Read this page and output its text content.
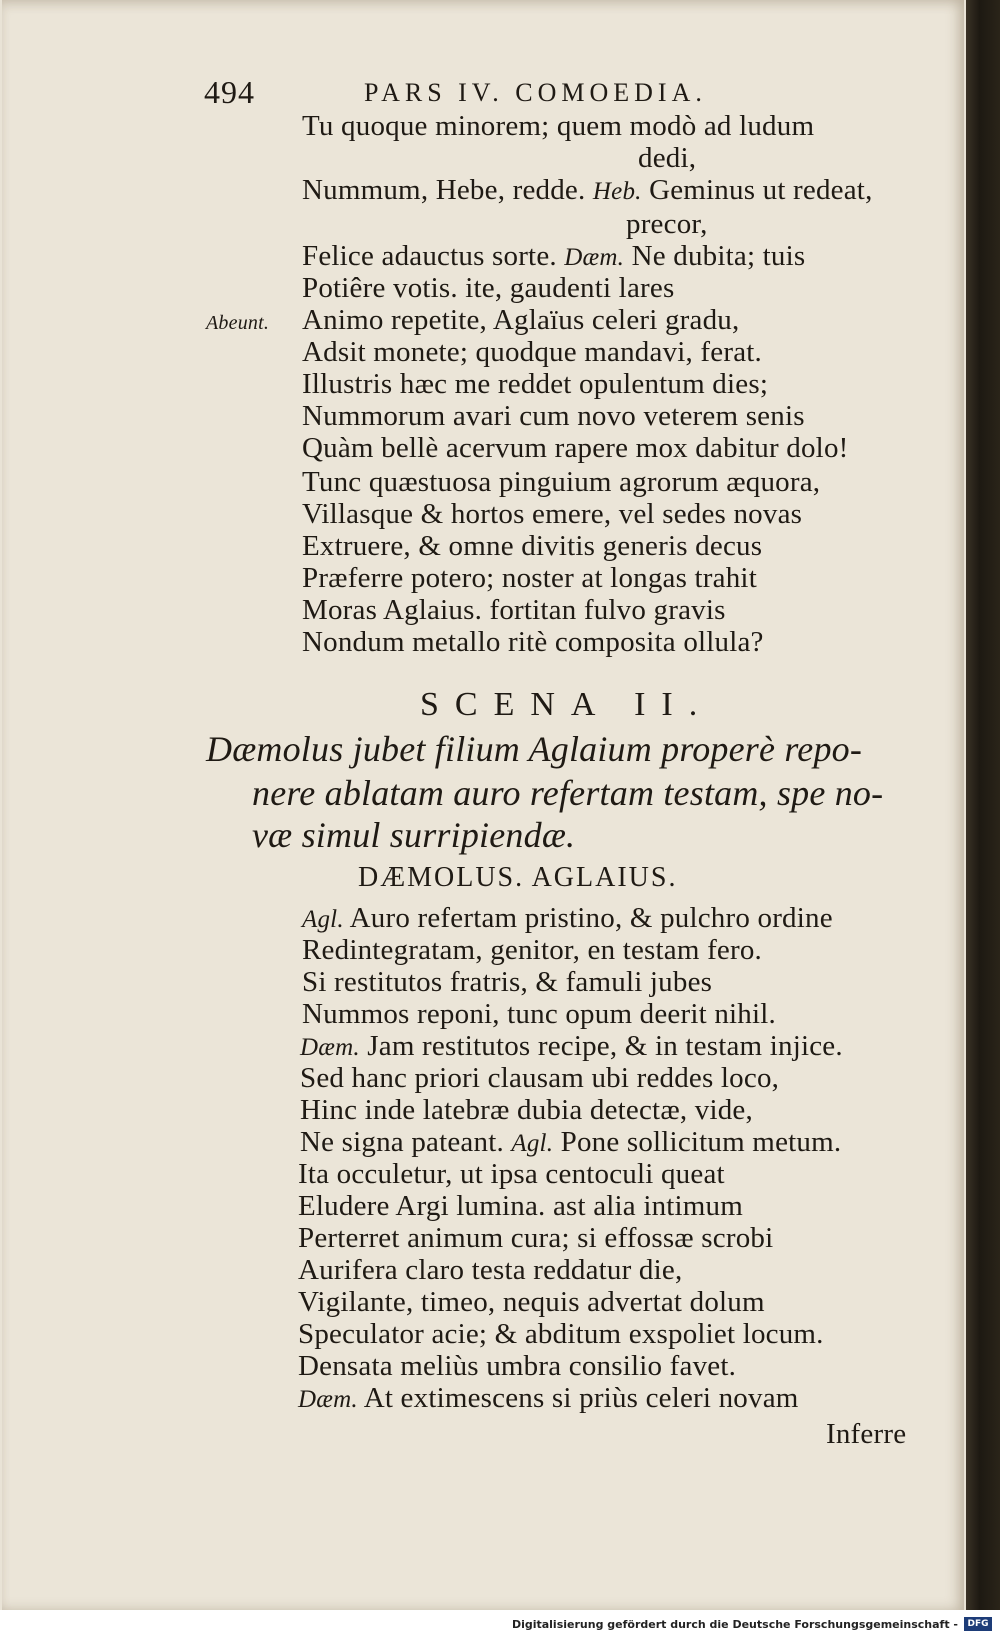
494	PARS IV. COMOEDIA.
Abeunt.
Tu quoque minorem; quem modò ad ludum
dedi,
Nummum, Hebe, redde. Heb. Geminus ut redeat,
precor,
Felice adauctus sorte. Dæm. Ne dubita; tuis
Potiêre votis. ite, gaudenti lares
Animo repetite, Aglaïus celeri gradu,
Adsit monete; quodque mandavi, ferat.
Illustris hæc me reddet opulentum dies;
Nummorum avari cum novo veterem senis
Quàm bellè acervum rapere mox dabitur dolo!
Tunc quæstuosa pinguium agrorum æquora,
Villasque & hortos emere, vel sedes novas
Extruere, & omne divitis generis decus
Præferre potero; noster at longas trahit
Moras Aglaius. fortitan fulvo gravis
Nondum metallo ritè composita ollula?
SCENA II.
Dæmolus jubet filium Aglaium properè repo-
nere ablatam auro refertam testam, spe no-
væ simul surripiendæ.
DÆMOLUS. AGLAIUS.
Agl. Auro refertam pristino, & pulchro ordine
Redintegratam, genitor, en testam fero.
Si restitutos fratris, & famuli jubes
Nummos reponi, tunc opum deerit nihil.
Dæm. Jam restitutos recipe, & in testam injice.
Sed hanc priori clausam ubi reddes loco,
Hinc inde latebræ dubia detectæ, vide,
Ne signa pateant. Agl. Pone sollicitum metum.
Ita occuletur, ut ipsa centoculi queat
Eludere Argi lumina. ast alia intimum
Perterret animum cura; si effossæ scrobi
Aurifera claro testa reddatur die,
Vigilante, timeo, nequis advertat dolum
Speculator acie; & abditum exspoliet locum.
Densata meliùs umbra consilio favet.
Dæm. At extimescens si priùs celeri novam
Inferre
Digitalisierung gefördert durch die Deutsche Forschungsgemeinschaft -	DFG
